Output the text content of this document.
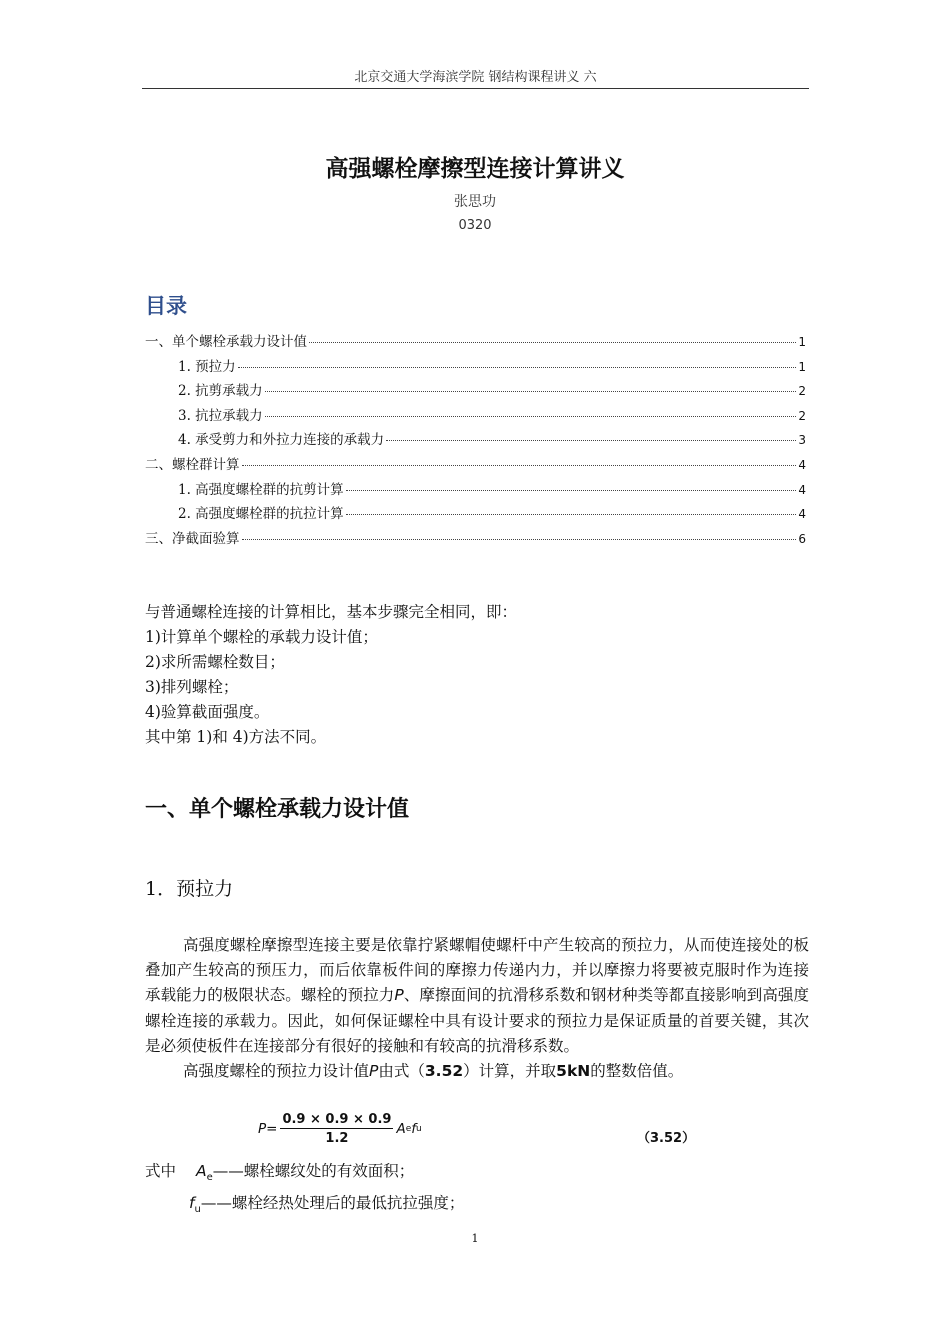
北京交通大学海滨学院 钢结构课程讲义 六
高强螺栓摩擦型连接计算讲义
张思功
0320
目录
一、单个螺栓承载力设计值	1
1. 预拉力	1
2. 抗剪承载力	2
3. 抗拉承载力	2
4. 承受剪力和外拉力连接的承载力	3
二、螺栓群计算	4
1. 高强度螺栓群的抗剪计算	4
2. 高强度螺栓群的抗拉计算	4
三、净截面验算	6
与普通螺栓连接的计算相比，基本步骤完全相同，即：
1)计算单个螺栓的承载力设计值；
2)求所需螺栓数目；
3)排列螺栓；
4)验算截面强度。
其中第 1)和 4)方法不同。
一、单个螺栓承载力设计值
1．预拉力

高强度螺栓摩擦型连接主要是依靠拧紧螺帽使螺杆中产生较高的预拉力，从而使连接处的板叠加产生较高的预压力，而后依靠板件间的摩擦力传递内力，并以摩擦力将要被克服时作为连接承载能力的极限状态。螺栓的预拉力P、摩擦面间的抗滑移系数和钢材种类等都直接影响到高强度螺栓连接的承载力。因此，如何保证螺栓中具有设计要求的预拉力是保证质量的首要关键，其次是必须使板件在连接部分有很好的接触和有较高的抗滑移系数。

高强度螺栓的预拉力设计值P由式（3.52）计算，并取5kN的整数倍值。

$P= \frac{0.9 \times 0.9 \times 0.9}{1.2}$ A e f u
（3.52）
式中 $A_e——$螺栓螺纹处的有效面积；
$f_u——$螺栓经热处理后的最低抗拉强度；
1
